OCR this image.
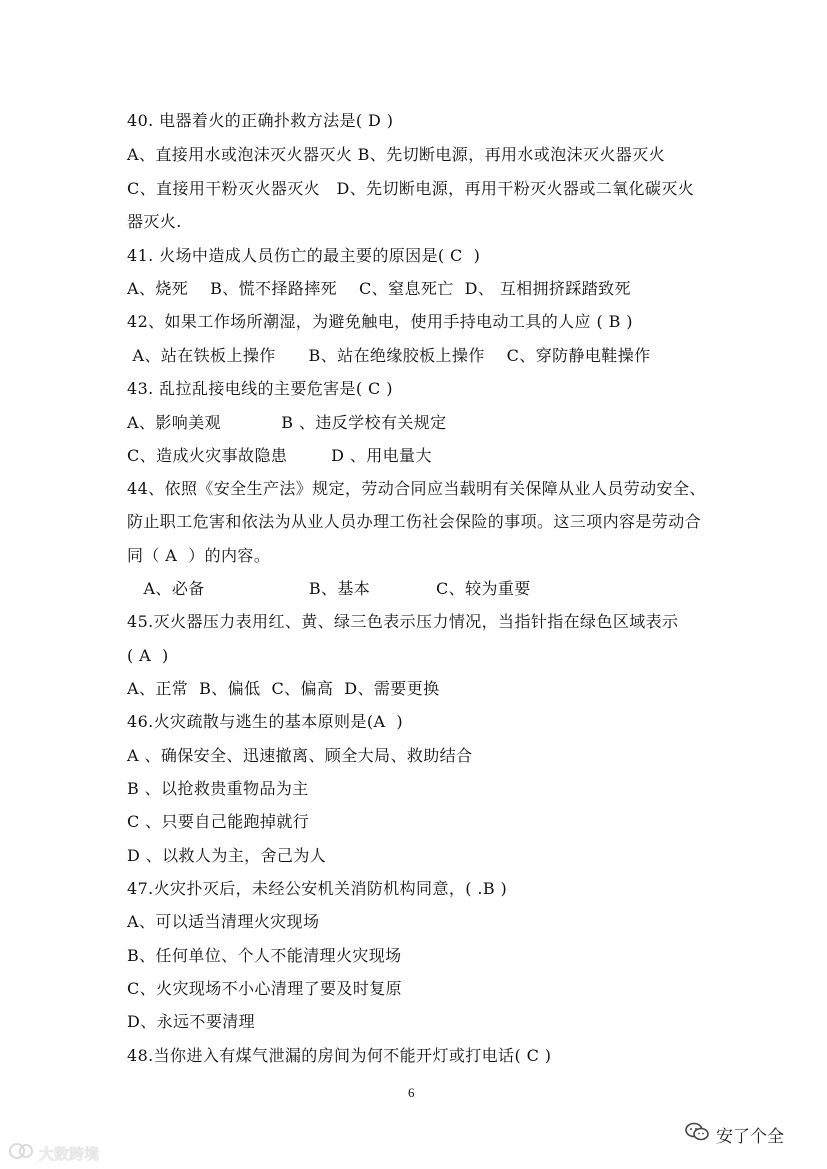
40. 电器着火的正确扑救方法是( D )
A、直接用水或泡沫灭火器灭火 B、先切断电源，再用水或泡沫灭火器灭火
C、直接用干粉灭火器灭火   D、先切断电源，再用干粉灭火器或二氧化碳灭火
器灭火.
41. 火场中造成人员伤亡的最主要的原因是( C  )
A、烧死    B、慌不择路摔死    C、窒息死亡  D、 互相拥挤踩踏致死
42、如果工作场所潮湿，为避免触电，使用手持电动工具的人应 ( B )
A、站在铁板上操作      B、站在绝缘胶板上操作    C、穿防静电鞋操作
43. 乱拉乱接电线的主要危害是( C )
A、影响美观           B 、违反学校有关规定
C、造成火灾事故隐患        D 、用电量大
44、依照《安全生产法》规定，劳动合同应当载明有关保障从业人员劳动安全、
防止职工危害和依法为从业人员办理工伤社会保险的事项。这三项内容是劳动合
同（ A  ）的内容。
A、必备                   B、基本            C、较为重要
45.灭火器压力表用红、黄、绿三色表示压力情况，当指针指在绿色区域表示
( A  )
A、正常  B、偏低  C、偏高  D、需要更换
46.火灾疏散与逃生的基本原则是(A  )
A 、确保安全、迅速撤离、顾全大局、救助结合
B 、以抢救贵重物品为主
C 、只要自己能跑掉就行
D 、以救人为主，舍己为人
47.火灾扑灭后，未经公安机关消防机构同意，( .B )
A、可以适当清理火灾现场
B、任何单位、个人不能清理火灾现场
C、火灾现场不小心清理了要及时复原
D、永远不要清理
48.当你进入有煤气泄漏的房间为何不能开灯或打电话( C )
6
大数跨境
安了个全
